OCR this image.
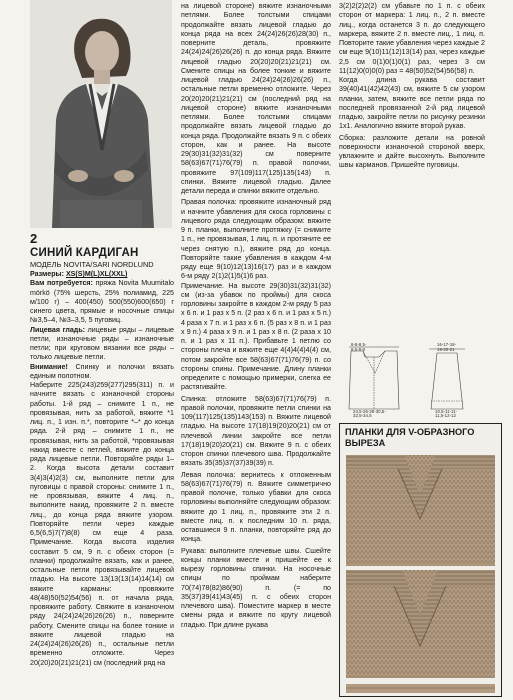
2
СИНИЙ КАРДИГАН
МОДЕЛЬ NOVITA/SARI NORDLUND

Размеры: XS(S)M(L)XL(XXL)

Вам потребуется: пряжа Novita Muumitalo mörkö (75% шерсть, 25% полиамид, 225 м/100 г) – 400(450) 500(550)600(650) г синего цвета, прямые и носочные спицы №3,5–4, №3–3,5, 5 пуговиц.

Лицевая гладь: лицевые ряды – лицевые петли, изнаночные ряды – изнаночные петли; при круговом вязании все ряды – только лицевые петли.

Внимание! Спинку и полочки вязать единым полотном.

Наберите 225(243)259(277)295(311) п. и начните вязать с изнаночной стороны работы. 1-й ряд – снимите 1 п., не провязывая, нить за работой, вяжите *1 лиц. п., 1 изн. п.*, повторите *–* до конца ряда. 2-й ряд – снимите 1 п., не провязывая, нить за работой, *провязывая накид вместе с петлей, вяжите до конца ряда лицевые петли. Повторяйте ряды 1–2. Когда высота детали составит 3(4)3(4)2(3) см, выполните петли для пуговицы с правой стороны: снимите 1 п., не провязывая, вяжите 4 лиц. п., выполните накид, провяжите 2 п. вместе лиц., до конца ряда вяжите узором. Повторяйте петли через каждые 6,5(6,5)7(7)8(8) см еще 4 раза. Примечание. Когда высота изделия составит 5 см, 9 п. с обеих сторон (= планки) продолжайте вязать, как и ранее, остальные петли провязывайте лицевой гладью. На высоте 13(13(13(14)14(14) см вяжите карманы: провяжите 48(48)50(52)54(56) п. от начала ряда, провяжите работу. Свяжите в изнаночном ряду 24(24)24(26)26(26) п., поверните работу. Смените спицы на более тонкие и вяжите лицевой гладью на 24(24)24(26)26(26) п., остальные петли временно отложите. Через 20(20)20(21)21(21) см (последний ряд на

на лицевой стороне) вяжите изнаночными петлями. Более толстыми спицами продолжайте вязать лицевой гладью до конца ряда на всех 24(24)26(26)28(30) п., поверните деталь, провяжите 24(24)24(26)26(26) п. до конца ряда. Вяжите лицевой гладью 20(20)20(21)21(21) см. Смените спицы на более тонкие и вяжите лицевой гладью 24(24)24(26)26(26) п., остальные петли временно отложите. Через 20(20)20(21)21(21) см (последний ряд на лицевой стороне) вяжите изнаночными петлями. Более толстыми спицами продолжайте вязать лицевой гладью до конца ряда. Продолжайте вязать 9 п. с обеих сторон, как и ранее. На высоте 29(30)31(32)31(32) см поверните 58(63)67(71)76(79) п. правой полочки, провяжите 97(109)117(125)135(143) п. спинки. Вяжите лицевой гладью. Далее детали переда и спинки вяжите отдельно.

Правая полочка: провяжите изнаночный ряд и начните убавления для скоса горловины с лицевого ряда следующим образом: вяжите 9 п. планки, выполните протяжку (= снимите 1 п., не провязывая, 1 лиц. п. и протяните ее через снятую п.), вяжите ряд до конца. Повторяйте такие убавления в каждом 4-м ряду еще 9(10)12(13)16(17) раз и в каждом 6-м ряду 2(1)2(1)5(1)6 раз.

Примечание. На высоте 29(30)31(32)31(32) см (из-за убавок по проймы) для скоса горловины закройте в каждом 2-м ряду 5 раз х 6 п. и 1 раз х 5 п. (2 раз х 6 п. и 1 раз х 5 п.) 4 раза х 7 п. и 1 раз х 6 п. (5 раз х 8 п. и 1 раз х 9 п.) 4 раза х 9 п. и 1 раз х 8 п. (2 раза х 10 п. и 1 раз х 11 п.). Прибавьте 1 петлю со стороны плеча и вяжите еще 4(4)4(4)4(4) см, потом закройте все 58(63)67(71)76(79) п. со стороны спины. Примечание. Длину планки определите с помощью примерки, слегка ее растягивайте.

Спинка: отложите 58(63)67(71)76(79) п. правой полочки, провяжите петли спинки на 109(117)125(135)143(153) п. Вяжите лицевой гладью. На высоте 17(18)19(20)20(21) см от плечевой линии закройте все петли 17(18)19(20)20(21) см. Вяжите 9 п. с обеих сторон спинки плечевого шва. Продолжайте вязать 35(35)37(37)39(39) п.

Левая полочка: вернитесь к отложенным 58(63)67(71)76(79) п. Вяжите симметрично правой полочке, только убавки для скоса горловины выполняйте следующим образом: вяжите до 1 лиц. п., провяжите эти 2 п. вместе лиц. п. к последним 10 п. ряда, оставшиеся 9 п. планки, повторяйте ряд до конца.

Рукава: выполните плечевые швы. Сшейте концы планки вместе и пришейте ее к вырезу горловины спинки. На носочные спицы по проймам наберите 70(74)78(82)86(90) п. (= по 35(37)39(41)43(45) п. с обеих сторон плечевого шва). Поместите маркер в месте смены ряда и вяжите по кругу лицевой гладью. При длине рукава

3(2)2(2)2(2) см убавьте по 1 п. с обеих сторон от маркера: 1 лиц. п., 2 п. вместе лиц., когда останется 3 п. до следующего маркера, вяжите 2 п. вместе лиц., 1 лиц. п. Повторите такие убавления через каждые 2 см еще 9(10)11(12)13(14) раз, через каждые 2,5 см 0(1)0(1)0(1) раз, через 3 см 11(12)0(0)0(0) раз = 48(50)52(54)56(58) п.

Когда длина рукава составит 39(40)41(42)42(43) см, вяжите 5 см узором планки, затем, вяжите все петли ряда по последней провязанной 2-й ряд лицевой гладью, закройте петли по рисунку резинки 1х1. Аналогично вяжите второй рукав.

Сборка: разложите детали на ровной поверхности изнаночной стороной вверх, увлажните и дайте высохнуть. Выполните швы карманов. Пришейте пуговицы.

8-8-8,5-
8,5-9-9
16-17-18-
19-20-21
24,5-26-28-30,5-
32,5-34,5
10,5-11-11-
11,5-12-12
ПЛАНКИ ДЛЯ V-ОБРАЗНОГО
ВЫРЕЗА
